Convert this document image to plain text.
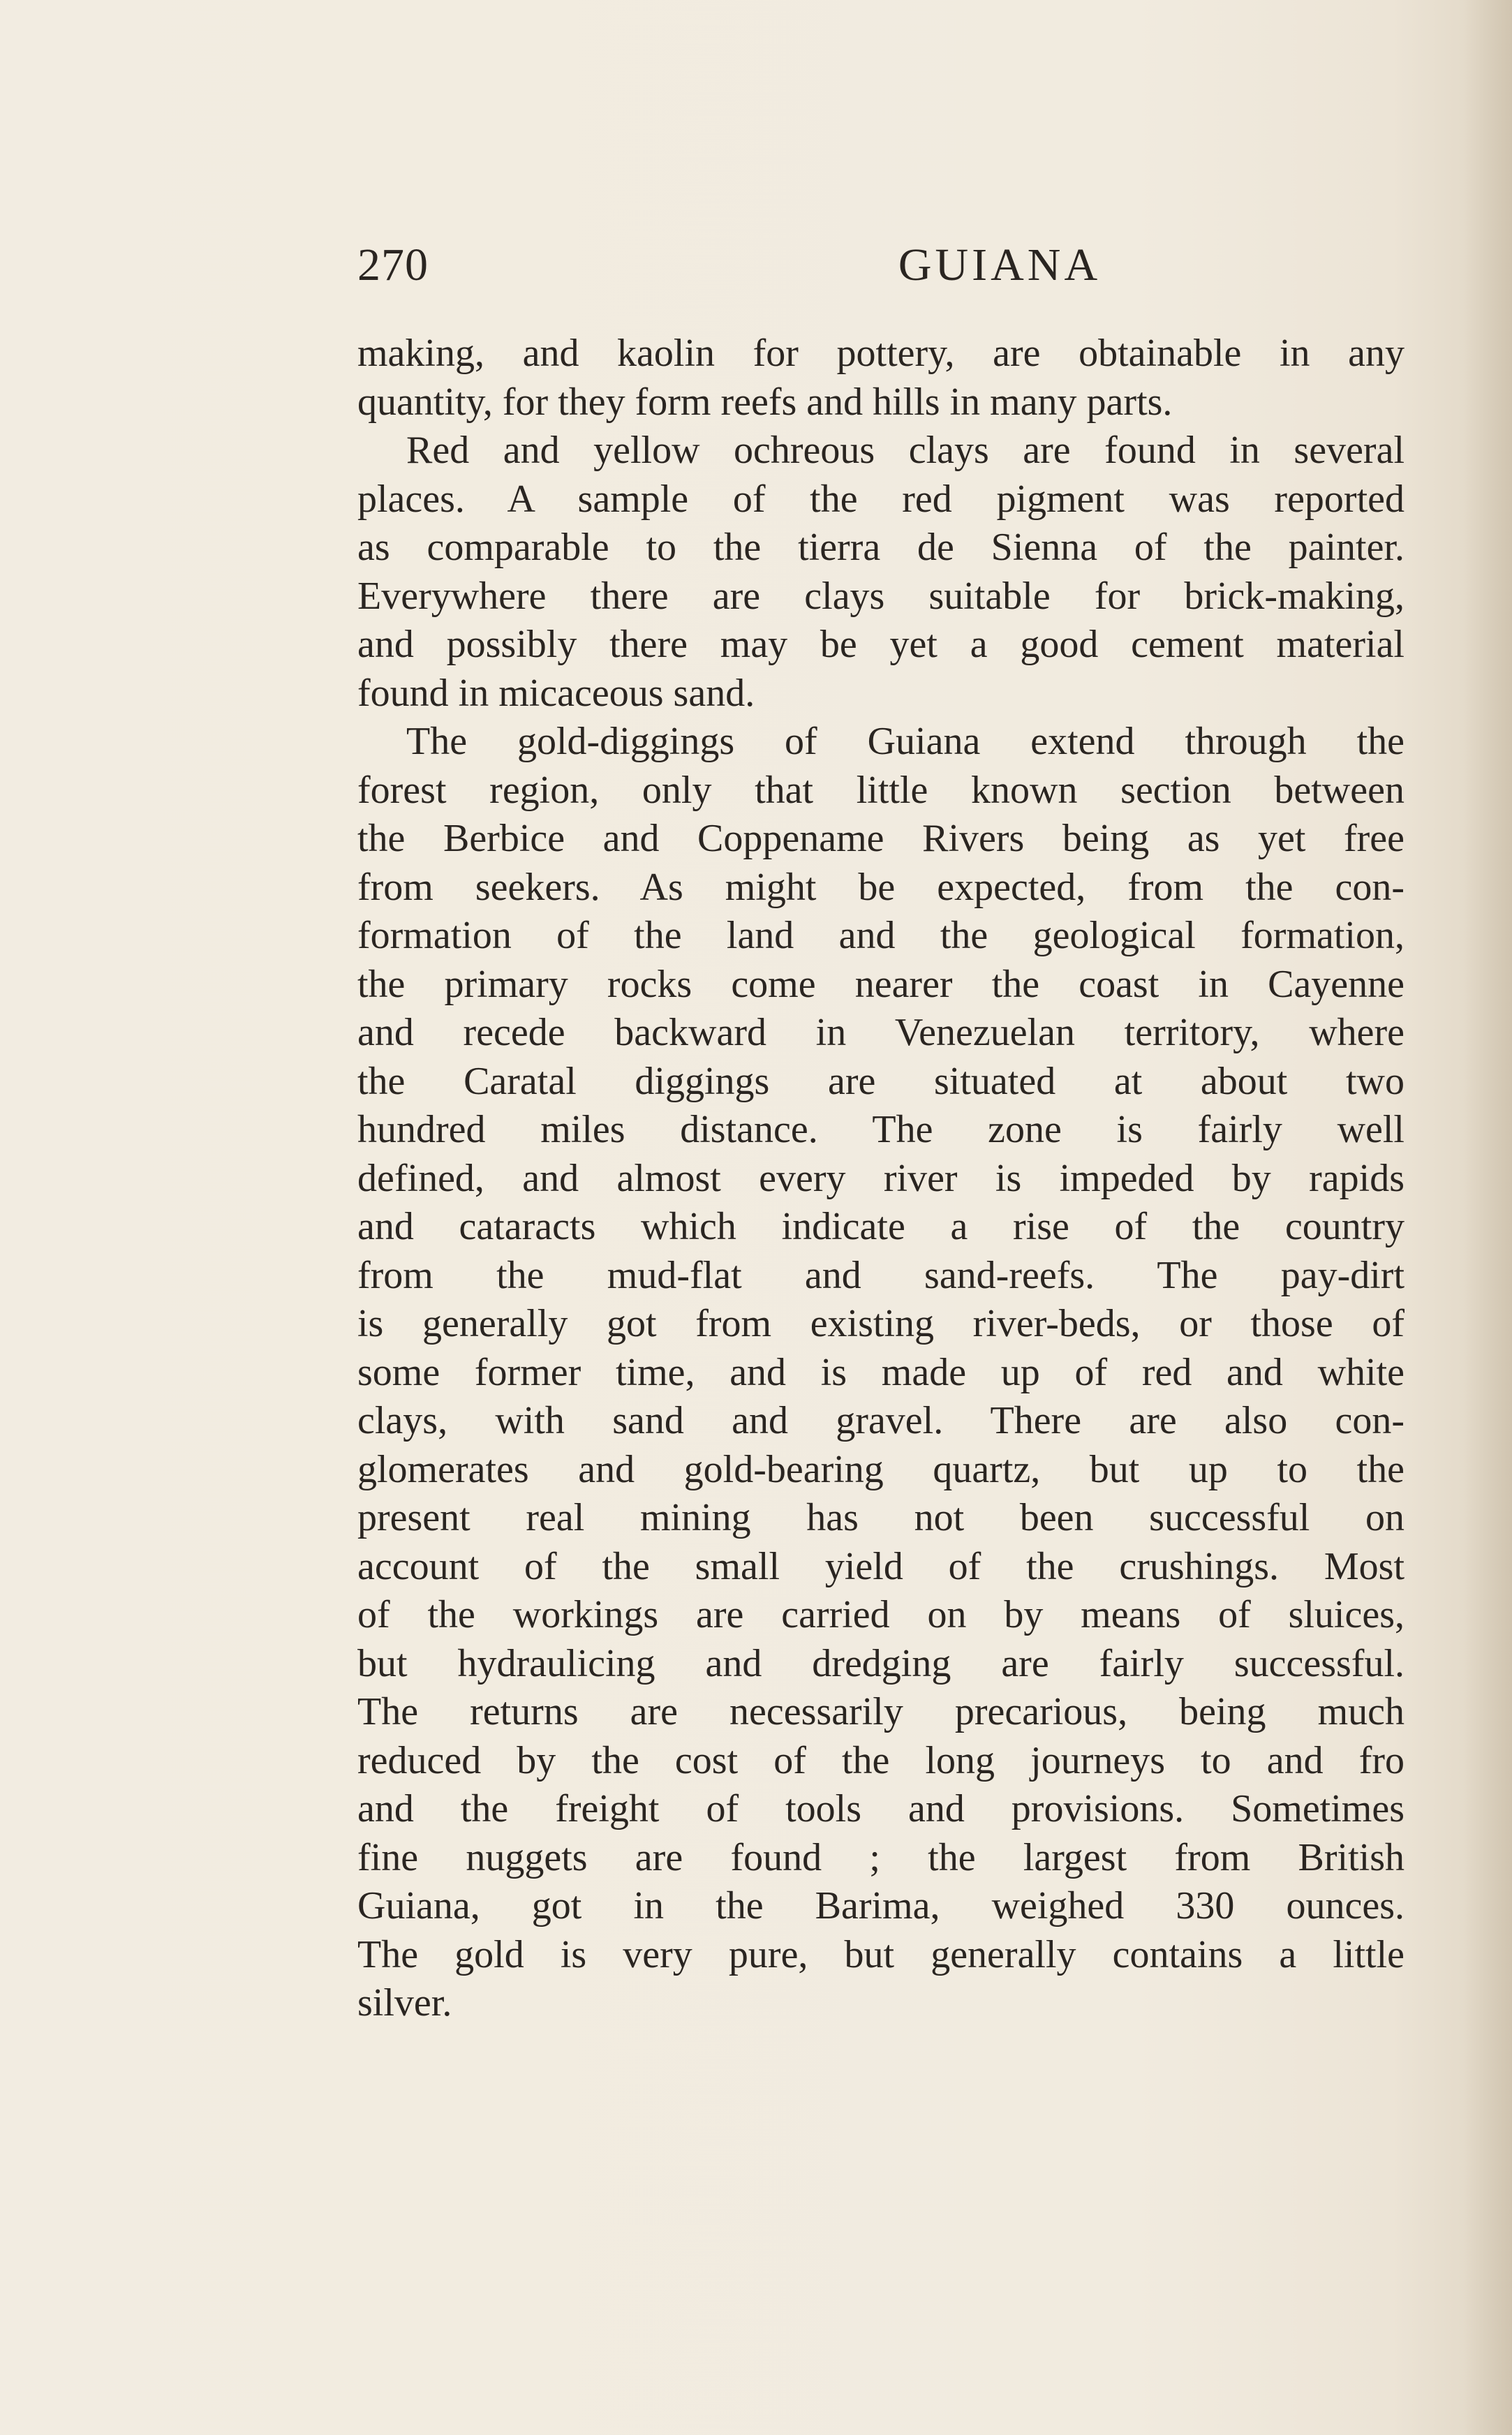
270	GUIANA
making, and kaolin for pottery, are obtainable in any
quantity, for they form reefs and hills in many parts.
Red and yellow ochreous clays are found in several
places. A sample of the red pigment was reported
as comparable to the tierra de Sienna of the painter.
Everywhere there are clays suitable for brick-making,
and possibly there may be yet a good cement material
found in micaceous sand.
The gold-diggings of Guiana extend through the
forest region, only that little known section between
the Berbice and Coppename Rivers being as yet free
from seekers. As might be expected, from the con-
formation of the land and the geological formation,
the primary rocks come nearer the coast in Cayenne
and recede backward in Venezuelan territory, where
the Caratal diggings are situated at about two
hundred miles distance. The zone is fairly well
defined, and almost every river is impeded by rapids
and cataracts which indicate a rise of the country
from the mud-flat and sand-reefs. The pay-dirt
is generally got from existing river-beds, or those of
some former time, and is made up of red and white
clays, with sand and gravel. There are also con-
glomerates and gold-bearing quartz, but up to the
present real mining has not been successful on
account of the small yield of the crushings. Most
of the workings are carried on by means of sluices,
but hydraulicing and dredging are fairly successful.
The returns are necessarily precarious, being much
reduced by the cost of the long journeys to and fro
and the freight of tools and provisions. Sometimes
fine nuggets are found ; the largest from British
Guiana, got in the Barima, weighed 330 ounces.
The gold is very pure, but generally contains a little
silver.
